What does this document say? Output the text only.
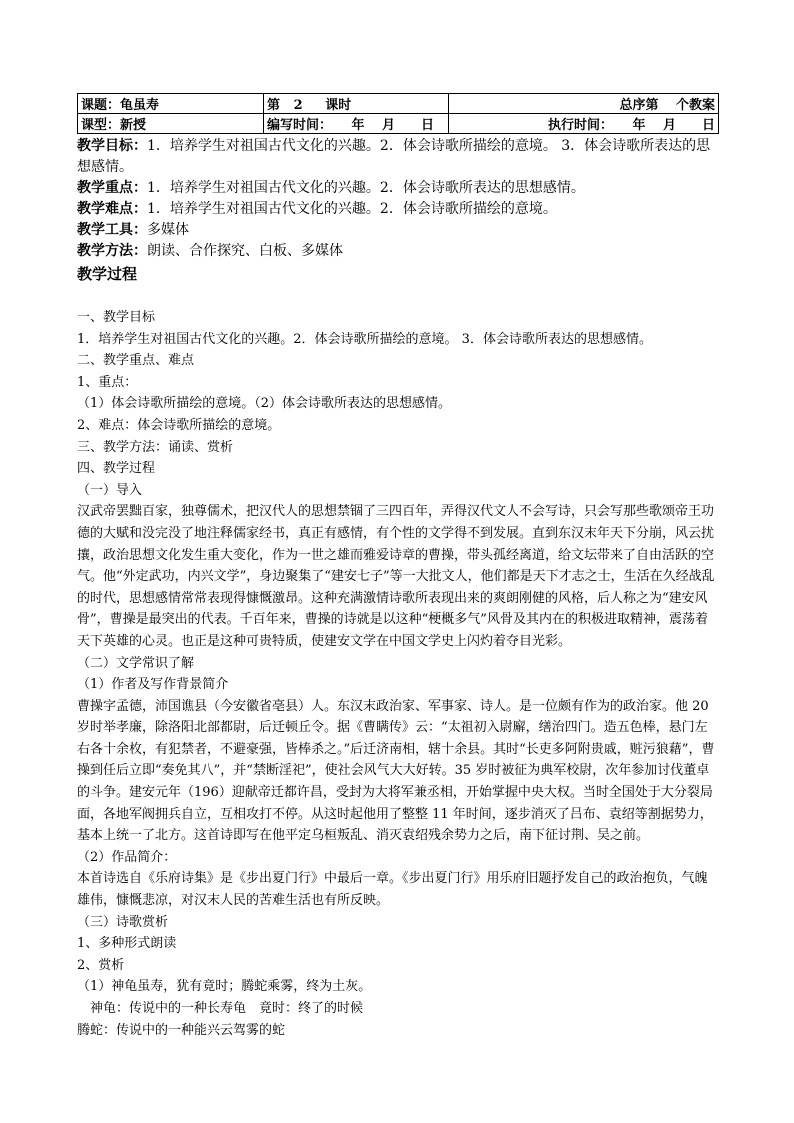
课题：龟虽寿	第 2 课时	总序第　 个教案
课型：新授	编写时间：　　年　 月　　日	执行时间：　　年　 月　　日
教学目标：1．培养学生对祖国古代文化的兴趣。2．体会诗歌所描绘的意境。 3．体会诗歌所表达的思想感情。
教学重点：1．培养学生对祖国古代文化的兴趣。2．体会诗歌所表达的思想感情。
教学难点：1．培养学生对祖国古代文化的兴趣。2．体会诗歌所描绘的意境。
教学工具：多媒体
教学方法：朗读、合作探究、白板、多媒体
教学过程
一、教学目标
1．培养学生对祖国古代文化的兴趣。2．体会诗歌所描绘的意境。 3．体会诗歌所表达的思想感情。
二、教学重点、难点
1、重点：
（1）体会诗歌所描绘的意境。（2）体会诗歌所表达的思想感情。
2、难点：体会诗歌所描绘的意境。
三、教学方法：诵读、赏析
四、教学过程
（一）导入
汉武帝罢黜百家，独尊儒术，把汉代人的思想禁锢了三四百年，弄得汉代文人不会写诗，只会写那些歌颂帝王功德的大赋和没完没了地注释儒家经书，真正有感情，有个性的文学得不到发展。直到东汉末年天下分崩，风云扰攘，政治思想文化发生重大变化，作为一世之雄而雅爱诗章的曹操，带头孤经离道，给文坛带来了自由活跃的空气。他“外定武功，内兴文学”，身边聚集了“建安七子”等一大批文人，他们都是天下才志之士，生活在久经战乱的时代，思想感情常常表现得慷慨激昂。这种充满激情诗歌所表现出来的爽朗刚健的风格，后人称之为“建安风骨”，曹操是最突出的代表。千百年来，曹操的诗就是以这种“梗概多气”风骨及其内在的积极进取精神，震荡着天下英雄的心灵。也正是这种可贵特质，使建安文学在中国文学史上闪灼着夺目光彩。
（二）文学常识了解
（1）作者及写作背景简介
曹操字孟德，沛国谯县（今安徽省亳县）人。东汉末政治家、军事家、诗人。是一位颇有作为的政治家。他 20 岁时举孝廉，除洛阳北部都尉，后迁顿丘令。据《曹瞒传》云：“太祖初入尉廨，缮治四门。造五色棒，悬门左右各十余枚，有犯禁者，不避豪强，皆棒杀之。”后迁济南相，辖十余县。其时“长吏多阿附贵戚，赃污狼藉”，曹操到任后立即“奏免其八”，并“禁断淫祀”，使社会风气大大好转。35 岁时被征为典军校尉，次年参加讨伐董卓的斗争。建安元年（196）迎献帝迁都许昌，受封为大将军兼丞相，开始掌握中央大权。当时全国处于大分裂局面，各地军阀拥兵自立，互相攻打不停。从这时起他用了整整 11 年时间，逐步消灭了吕布、袁绍等割据势力，基本上统一了北方。这首诗即写在他平定乌桓叛乱、消灭袁绍残余势力之后，南下征讨荆、吴之前。
（2）作品简介：
本首诗选自《乐府诗集》是《步出夏门行》中最后一章。《步出夏门行》用乐府旧题抒发自己的政治抱负，气魄雄伟，慷慨悲凉，对汉末人民的苦难生活也有所反映。
（三）诗歌赏析
1、多种形式朗读
2、赏析
（1）神龟虽寿，犹有竟时；腾蛇乘雾，终为土灰。
　神龟：传说中的一种长寿龟　竟时：终了的时候
腾蛇：传说中的一种能兴云驾雾的蛇
